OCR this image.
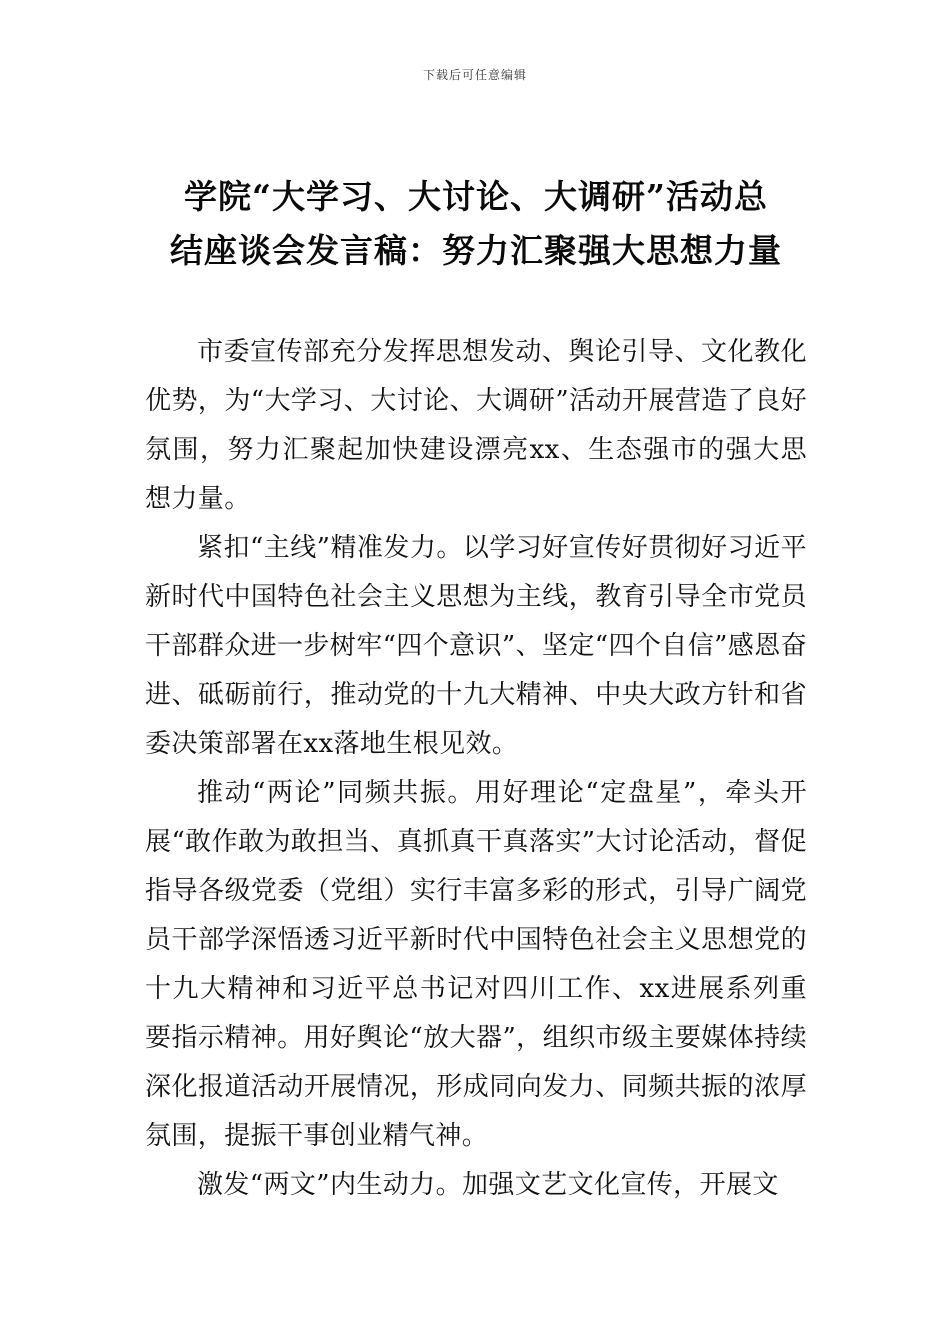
下载后可任意编辑
学院“大学习、大讨论、大调研”活动总
结座谈会发言稿：努力汇聚强大思想力量

市委宣传部充分发挥思想发动、舆论引导、文化教化优势，为“大学习、大讨论、大调研”活动开展营造了良好氛围，努力汇聚起加快建设漂亮xx、生态强市的强大思想力量。

紧扣“主线”精准发力。以学习好宣传好贯彻好习近平新时代中国特色社会主义思想为主线，教育引导全市党员干部群众进一步树牢“四个意识”、坚定“四个自信”感恩奋进、砥砺前行，推动党的十九大精神、中央大政方针和省委决策部署在xx落地生根见效。

推动“两论”同频共振。用好理论“定盘星”，牵头开展“敢作敢为敢担当、真抓真干真落实”大讨论活动，督促指导各级党委（党组）实行丰富多彩的形式，引导广阔党员干部学深悟透习近平新时代中国特色社会主义思想党的十九大精神和习近平总书记对四川工作、xx进展系列重要指示精神。用好舆论“放大器”，组织市级主要媒体持续深化报道活动开展情况，形成同向发力、同频共振的浓厚氛围，提振干事创业精气神。

激发“两文”内生动力。加强文艺文化宣传，开展文
